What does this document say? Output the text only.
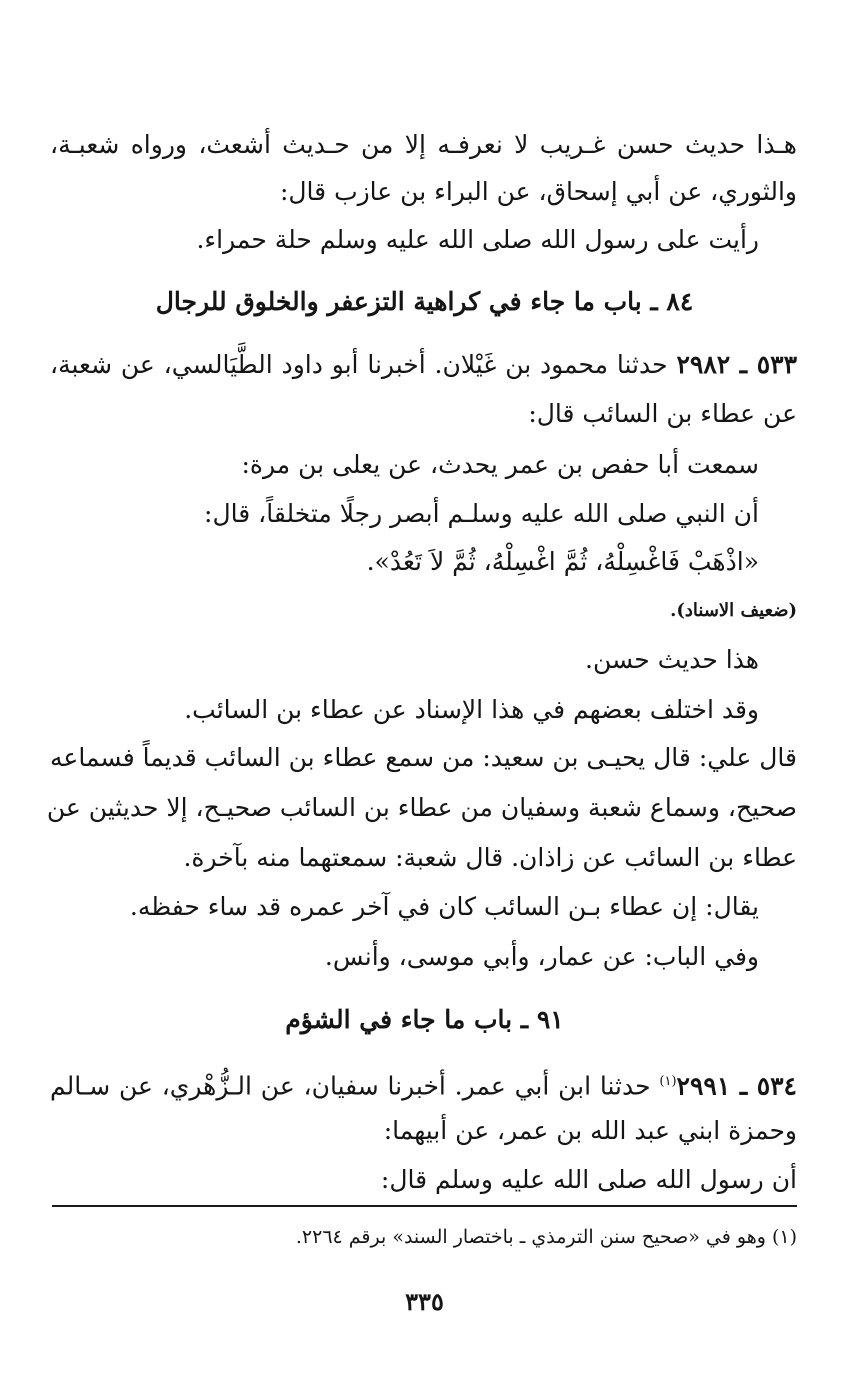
هـذا حديث حسن غـريب لا نعرفـه إلا من حـديث أشعث، ورواه شعبـة،
والثوري، عن أبي إسحاق، عن البراء بن عازب قال:
رأيت على رسول الله صلى الله عليه وسلم حلة حمراء.
٨٤ ـ باب ما جاء في كراهية التزعفر والخلوق للرجال
٥٣٣ ـ ٢٩٨٢ حدثنا محمود بن غَيْلان. أخبرنا أبو داود الطَّيَالسي، عن شعبة،
عن عطاء بن السائب قال:
سمعت أبا حفص بن عمر يحدث، عن يعلى بن مرة:
أن النبي صلى الله عليه وسلـم أبصر رجلًا متخلقاً، قال:
«اذْهَبْ فَاغْسِلْهُ، ثُمَّ اغْسِلْهُ، ثُمَّ لاَ تَعُدْ».
(ضعيف الاسناد).
هذا حديث حسن.
وقد اختلف بعضهم في هذا الإسناد عن عطاء بن السائب.
قال علي: قال يحيـى بن سعيد: من سمع عطاء بن السائب قديماً فسماعه
صحيح، وسماع شعبة وسفيان من عطاء بن السائب صحيـح، إلا حديثين عن
عطاء بن السائب عن زاذان. قال شعبة: سمعتهما منه بآخرة.
يقال: إن عطاء بـن السائب كان في آخر عمره قد ساء حفظه.
وفي الباب: عن عمار، وأبي موسى، وأنس.
٩١ ـ باب ما جاء في الشؤم
٥٣٤ ـ ٢٩٩١$^{(١)}$ حدثنا ابن أبي عمر. أخبرنا سفيان، عن الـزُّهْري، عن سـالم
وحمزة ابني عبد الله بن عمر، عن أبيهما:
أن رسول الله صلى الله عليه وسلم قال:
(١) وهو في «صحيح سنن الترمذي ـ باختصار السند» برقم ٢٢٦٤.
٣٣٥
